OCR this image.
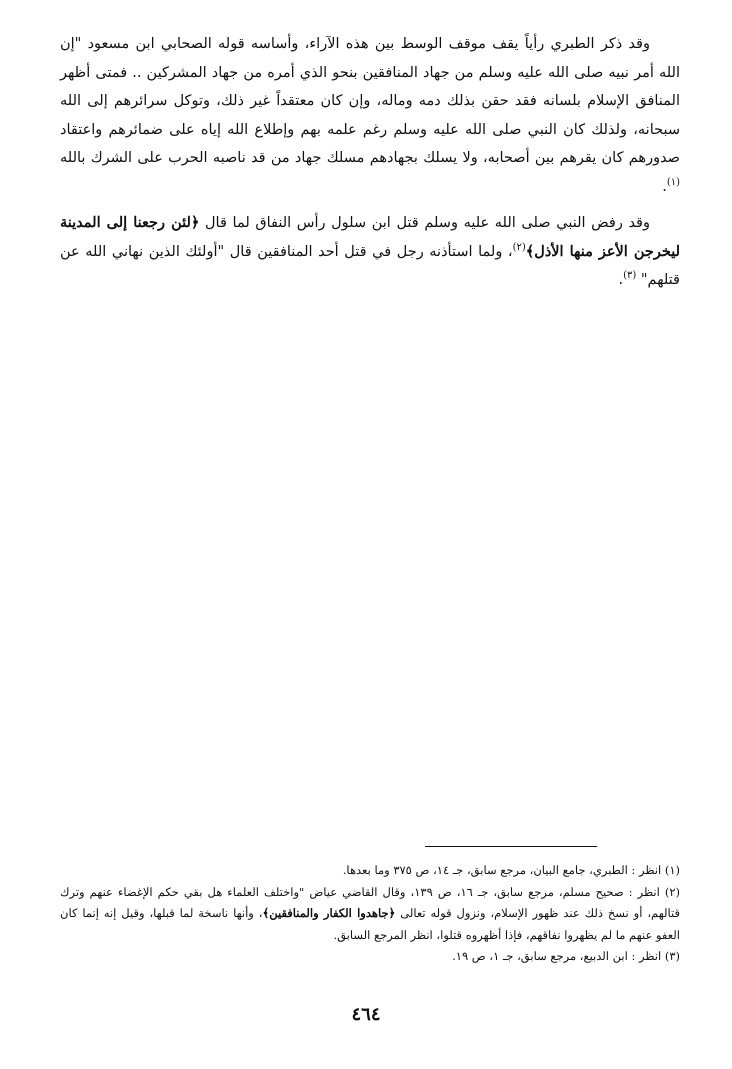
وقد ذكر الطبري رأياً يقف موقف الوسط بين هذه الآراء، وأساسه قوله الصحابي ابن مسعود "إن الله أمر نبيه صلى الله عليه وسلم من جهاد المنافقين بنحو الذي أمره من جهاد المشركين .. فمتى أظهر المنافق الإسلام بلسانه فقد حقن بذلك دمه وماله، وإن كان معتقداً غير ذلك، وتوكل سرائرهم إلى الله سبحانه، ولذلك كان النبي صلى الله عليه وسلم رغم علمه بهم وإطلاع الله إياه على ضمائرهم واعتقاد صدورهم كان يقرهم بين أصحابه، ولا يسلك بجهادهم مسلك جهاد من قد ناصبه الحرب على الشرك بالله $^{(١)}$.

وقد رفض النبي صلى الله عليه وسلم قتل ابن سلول رأس النفاق لما قال ﴿لئن رجعنا إلى المدينة ليخرجن الأعز منها الأذل﴾$^{(٢)}$، ولما استأذنه رجل في قتل أحد المنافقين قال "أولئك الذين نهاني الله عن قتلهم" $^{(٣)}$.

(١) انظر : الطبري، جامع البيان، مرجع سابق، جـ ١٤، ص ٣٧٥ وما بعدها.

(٢) انظر : صحيح مسلم، مرجع سابق، جـ ١٦، ص ١٣٩، وقال القاضي عياض "واختلف العلماء هل بقي حكم الإغضاء عنهم وترك قتالهم، أو نسخ ذلك عند ظهور الإسلام، ونزول قوله تعالى ﴿جاهدوا الكفار والمنافقين﴾، وأنها ناسخة لما قبلها، وقيل إنه إنما كان العفو عنهم ما لم يظهروا نفاقهم، فإذا أظهروه قتلوا، انظر المرجع السابق.

(٣) انظر : ابن الدبيع، مرجع سابق، جـ ١، ص ١٩.

٤٦٤
